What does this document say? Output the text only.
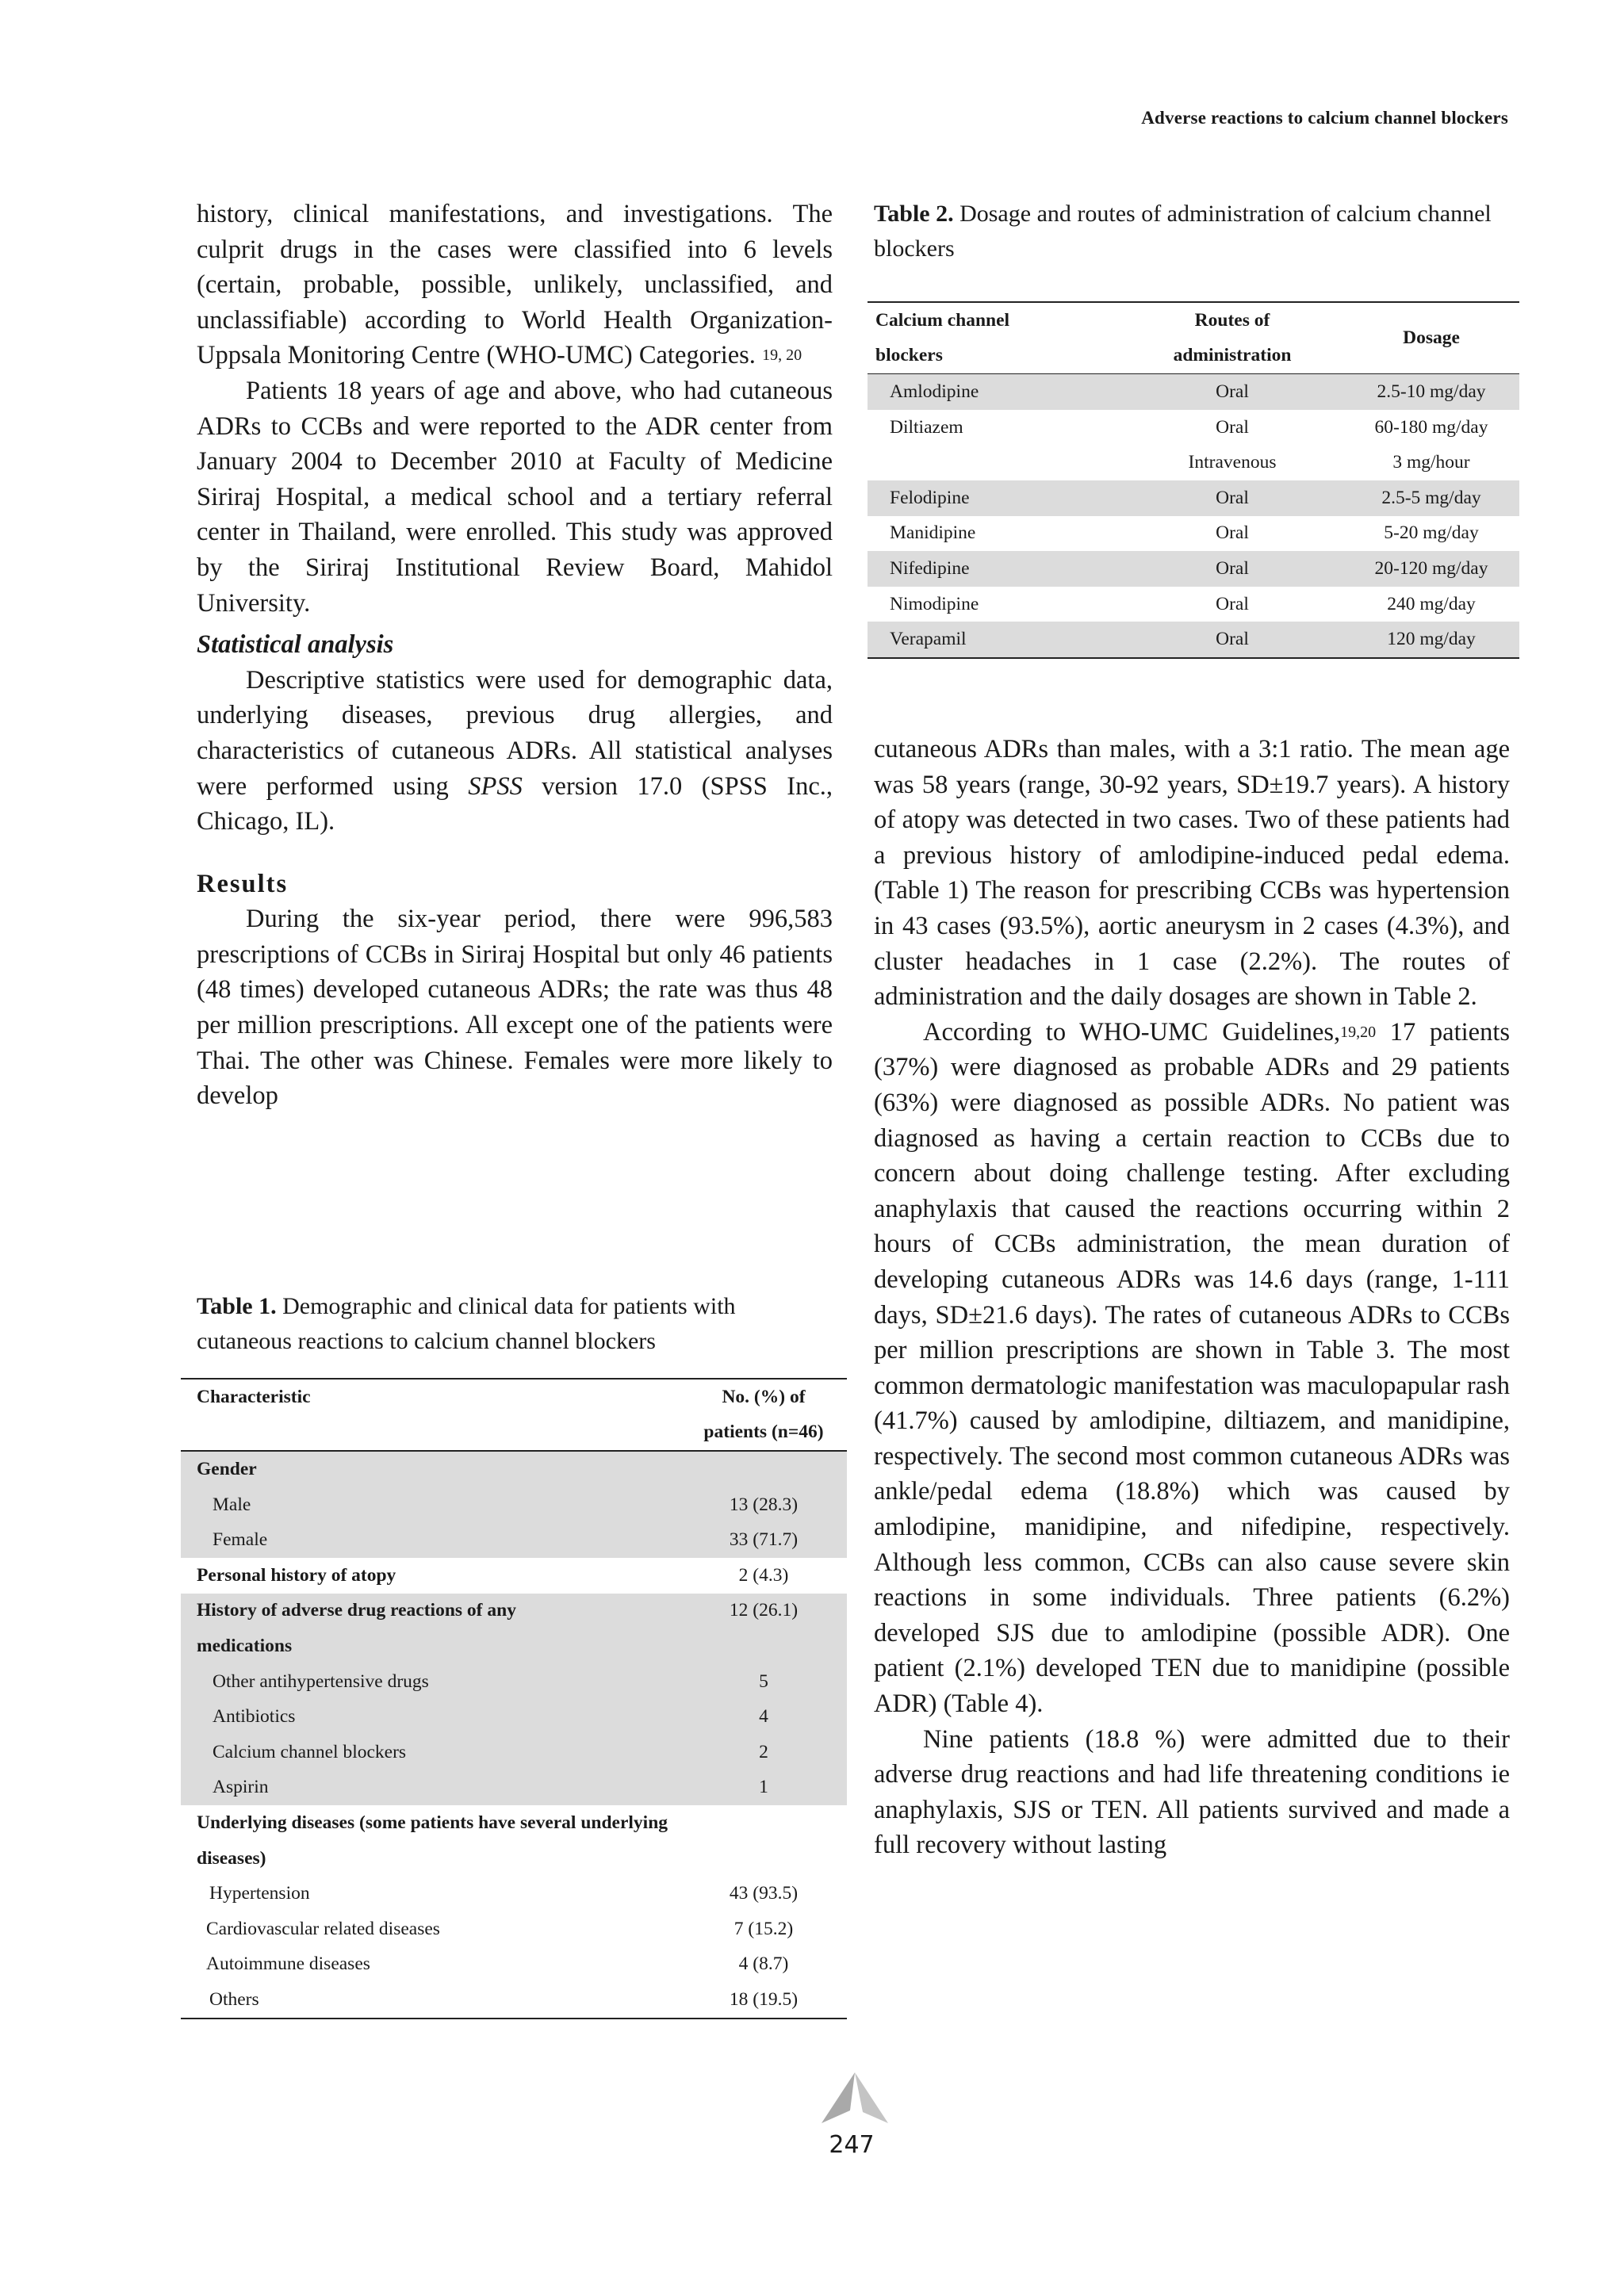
Adverse reactions to calcium channel blockers

history, clinical manifestations, and investigations. The culprit drugs in the cases were classified into 6 levels (certain, probable, possible, unlikely, unclassified, and unclassifiable) according to World Health Organization-Uppsala Monitoring Centre (WHO-UMC) Categories. $^{19, 20}$

Patients 18 years of age and above, who had cutaneous ADRs to CCBs and were reported to the ADR center from January 2004 to December 2010 at Faculty of Medicine Siriraj Hospital, a medical school and a tertiary referral center in Thailand, were enrolled. This study was approved by the Siriraj Institutional Review Board, Mahidol University.

Statistical analysis

Descriptive statistics were used for demographic data, underlying diseases, previous drug allergies, and characteristics of cutaneous ADRs. All statistical analyses were performed using SPSS version 17.0 (SPSS Inc., Chicago, IL).

Results

During the six-year period, there were 996,583 prescriptions of CCBs in Siriraj Hospital but only 46 patients (48 times) developed cutaneous ADRs; the rate was thus 48 per million prescriptions. All except one of the patients were Thai. The other was Chinese. Females were more likely to develop

Table 1. Demographic and clinical data for patients with cutaneous reactions to calcium channel blockers
Characteristic	No. (%) of
	patients (n=46)
Gender	
Male	13 (28.3)
Female	33 (71.7)
Personal history of atopy	2 (4.3)
History of adverse drug reactions of any	12 (26.1)
medications	
Other antihypertensive drugs	5
Antibiotics	4
Calcium channel blockers	2
Aspirin	1
Underlying diseases (some patients have several underlying	
diseases)	
Hypertension	43 (93.5)
Cardiovascular related diseases	7 (15.2)
Autoimmune diseases	4 (8.7)
Others	18 (19.5)
Table 2. Dosage and routes of administration of calcium channel blockers
Calcium channel	Routes of	Dosage
blockers	administration	
Amlodipine	Oral	2.5-10 mg/day
Diltiazem	Oral	60-180 mg/day
	Intravenous	3 mg/hour
Felodipine	Oral	2.5-5 mg/day
Manidipine	Oral	5-20 mg/day
Nifedipine	Oral	20-120 mg/day
Nimodipine	Oral	240 mg/day
Verapamil	Oral	120 mg/day

cutaneous ADRs than males, with a 3:1 ratio. The mean age was 58 years (range, 30-92 years, SD±19.7 years). A history of atopy was detected in two cases. Two of these patients had a previous history of amlodipine-induced pedal edema. (Table 1) The reason for prescribing CCBs was hypertension in 43 cases (93.5%), aortic aneurysm in 2 cases (4.3%), and cluster headaches in 1 case (2.2%). The routes of administration and the daily dosages are shown in Table 2.

According to WHO-UMC Guidelines,$^{19,20}$ 17 patients (37%) were diagnosed as probable ADRs and 29 patients (63%) were diagnosed as possible ADRs. No patient was diagnosed as having a certain reaction to CCBs due to concern about doing challenge testing. After excluding anaphylaxis that caused the reactions occurring within 2 hours of CCBs administration, the mean duration of developing cutaneous ADRs was 14.6 days (range, 1-111 days, SD±21.6 days). The rates of cutaneous ADRs to CCBs per million prescriptions are shown in Table 3. The most common dermatologic manifestation was maculopapular rash (41.7%) caused by amlodipine, diltiazem, and manidipine, respectively. The second most common cutaneous ADRs was ankle/pedal edema (18.8%) which was caused by amlodipine, manidipine, and nifedipine, respectively. Although less common, CCBs can also cause severe skin reactions in some individuals. Three patients (6.2%) developed SJS due to amlodipine (possible ADR). One patient (2.1%) developed TEN due to manidipine (possible ADR) (Table 4).

Nine patients (18.8 %) were admitted due to their adverse drug reactions and had life threatening conditions ie anaphylaxis, SJS or TEN. All patients survived and made a full recovery without lasting

247
